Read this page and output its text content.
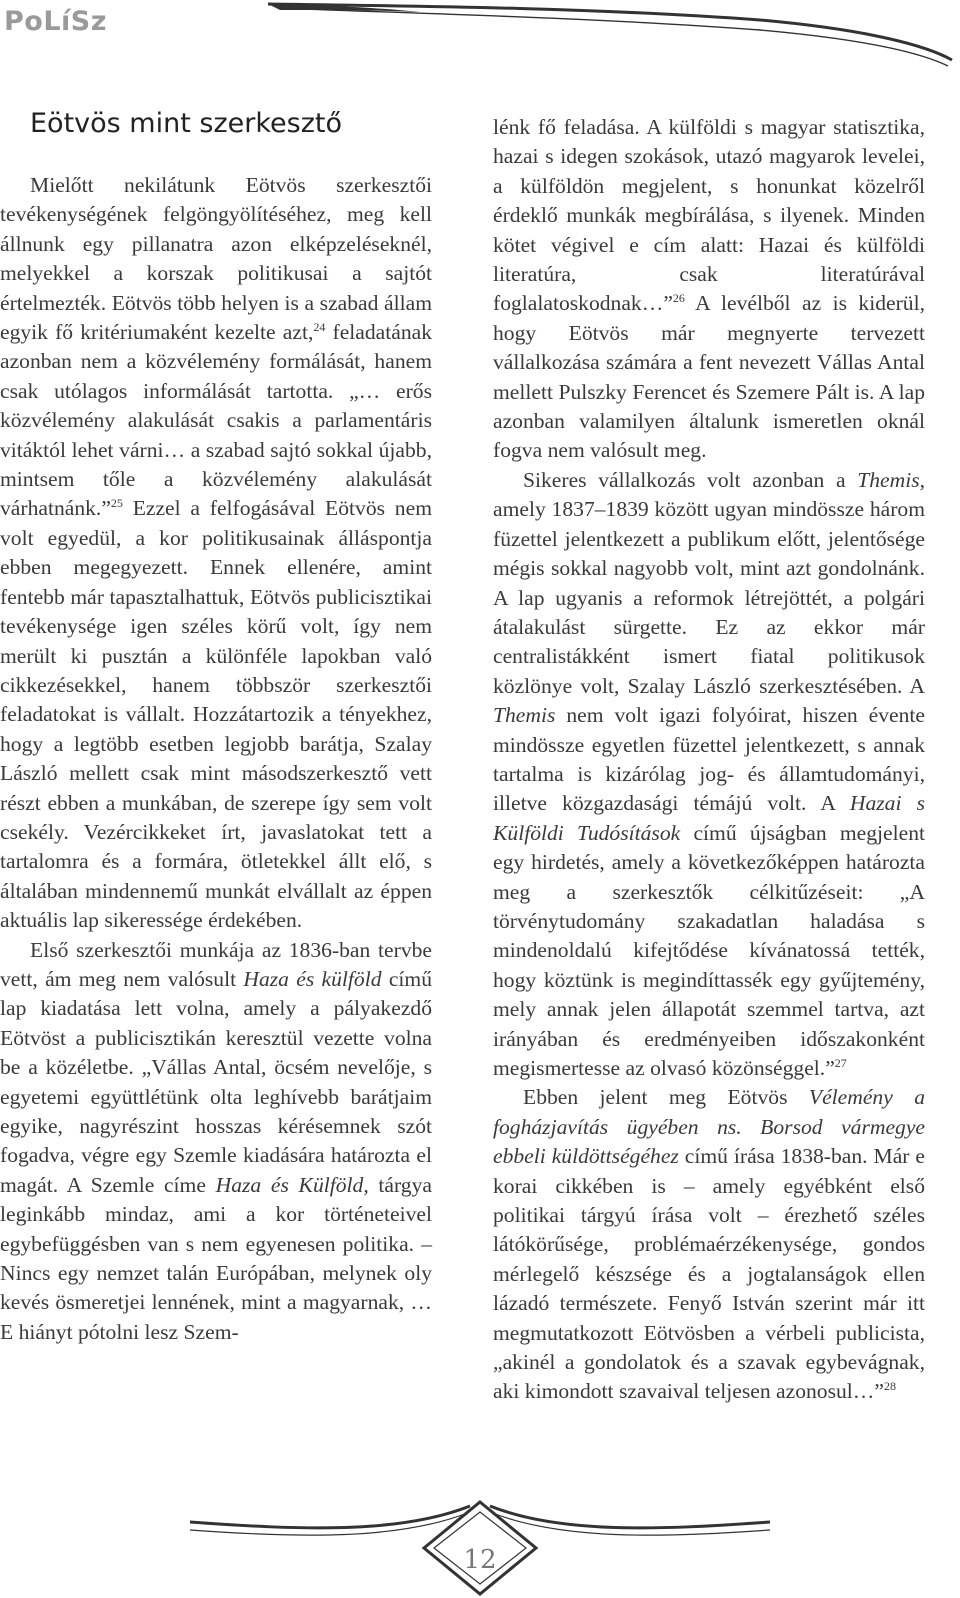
PoLíSz
Eötvös mint szerkesztő

Mielőtt nekilátunk Eötvös szerkesztői tevékenységének felgöngyölítéséhez, meg kell állnunk egy pillanatra azon elképzeléseknél, melyekkel a korszak politikusai a sajtót értelmezték. Eötvös több helyen is a szabad állam egyik fő kritériumaként kezelte azt,$^{24}$ feladatának azonban nem a közvélemény formálását, hanem csak utólagos informálását tartotta. „… erős közvélemény alakulását csakis a parlamentáris vitáktól lehet várni… a szabad sajtó sokkal újabb, mintsem tőle a közvélemény alakulását várhatnánk.”$^{25}$ Ezzel a felfogásával Eötvös nem volt egyedül, a kor politikusainak álláspontja ebben megegyezett. Ennek ellenére, amint fentebb már tapasztalhattuk, Eötvös publicisztikai tevékenysége igen széles körű volt, így nem merült ki pusztán a különféle lapokban való cikkezésekkel, hanem többször szerkesztői feladatokat is vállalt. Hozzátartozik a tényekhez, hogy a legtöbb esetben legjobb barátja, Szalay László mellett csak mint másodszerkesztő vett részt ebben a munkában, de szerepe így sem volt csekély. Vezércikkeket írt, javaslatokat tett a tartalomra és a formára, ötletekkel állt elő, s általában mindennemű munkát elvállalt az éppen aktuális lap sikeressége érdekében.

Első szerkesztői munkája az 1836-ban tervbe vett, ám meg nem valósult Haza és külföld című lap kiadatása lett volna, amely a pályakezdő Eötvöst a publicisztikán keresztül vezette volna be a közéletbe. „Vállas Antal, öcsém nevelője, s egyetemi együttlétünk olta leghívebb barátjaim egyike, nagyrészint hosszas kérésemnek szót fogadva, végre egy Szemle kiadására határozta el magát. A Szemle címe Haza és Külföld, tárgya leginkább mindaz, ami a kor történeteivel egybefüggésben van s nem egyenesen politika. – Nincs egy nemzet talán Európában, melynek oly kevés ösmeretjei lennének, mint a magyarnak, … E hiányt pótolni lesz Szem-

lénk fő feladása. A külföldi s magyar statisztika, hazai s idegen szokások, utazó magyarok levelei, a külföldön megjelent, s honunkat közelről érdeklő munkák megbírálása, s ilyenek. Minden kötet végivel e cím alatt: Hazai és külföldi literatúra, csak literatúrával foglalatoskodnak…”$^{26}$ A levélből az is kiderül, hogy Eötvös már megnyerte tervezett vállalkozása számára a fent nevezett Vállas Antal mellett Pulszky Ferencet és Szemere Pált is. A lap azonban valamilyen általunk ismeretlen oknál fogva nem valósult meg.

Sikeres vállalkozás volt azonban a Themis, amely 1837–1839 között ugyan mindössze három füzettel jelentkezett a publikum előtt, jelentősége mégis sokkal nagyobb volt, mint azt gondolnánk. A lap ugyanis a reformok létrejöttét, a polgári átalakulást sürgette. Ez az ekkor már centralistákként ismert fiatal politikusok közlönye volt, Szalay László szerkesztésében. A Themis nem volt igazi folyóirat, hiszen évente mindössze egyetlen füzettel jelentkezett, s annak tartalma is kizárólag jog- és államtudományi, illetve közgazdasági témájú volt. A Hazai s Külföldi Tudósítások című újságban megjelent egy hirdetés, amely a következőképpen határozta meg a szerkesztők célkitűzéseit: „A törvénytudomány szakadatlan haladása s mindenoldalú kifejtődése kívánatossá tették, hogy köztünk is megindíttassék egy gyűjtemény, mely annak jelen állapotát szemmel tartva, azt irányában és eredményeiben időszakonként megismertesse az olvasó közönséggel.”$^{27}$

Ebben jelent meg Eötvös Vélemény a fogházjavítás ügyében ns. Borsod vármegye ebbeli küldöttségéhez című írása 1838-ban. Már e korai cikkében is – amely egyébként első politikai tárgyú írása volt – érezhető széles látókörűsége, problémaérzékenysége, gondos mérlegelő készsége és a jogtalanságok ellen lázadó természete. Fenyő István szerint már itt megmutatkozott Eötvösben a vérbeli publicista, „akinél a gondolatok és a szavak egybevágnak, aki kimondott szavaival teljesen azonosul…”$^{28}$

12
